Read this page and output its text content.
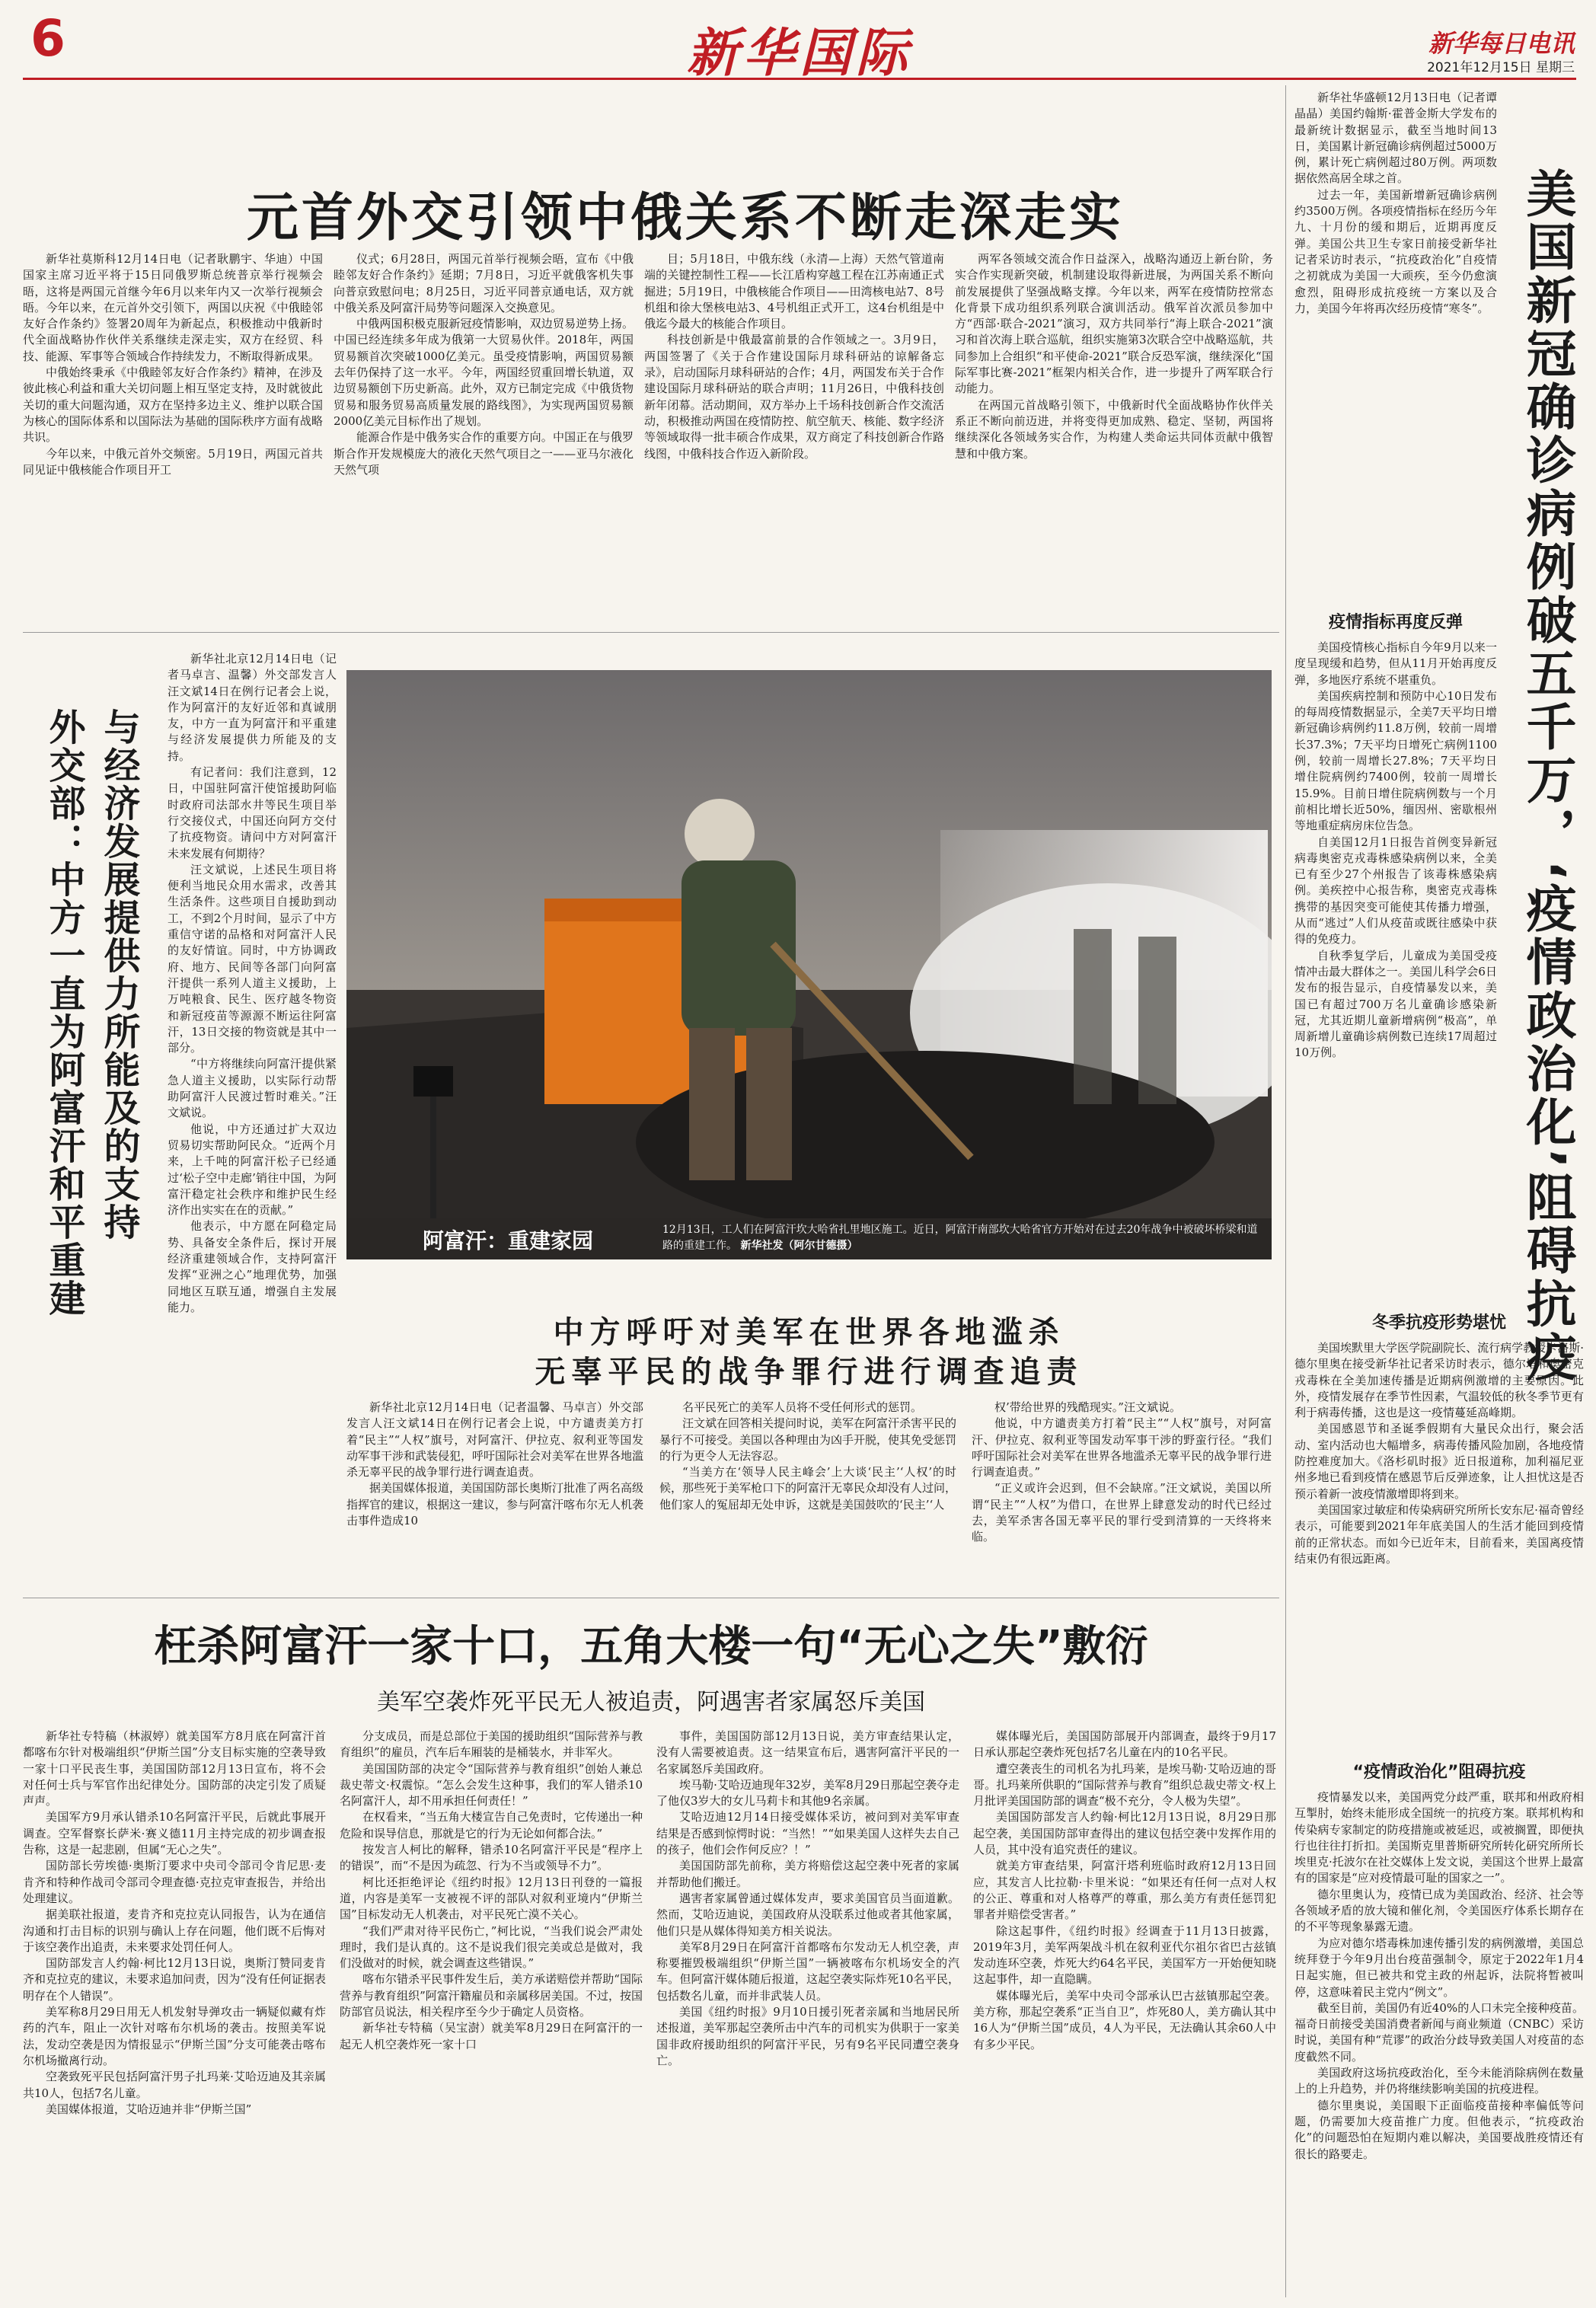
6	新华国际	新华每日电讯
2021年12月15日 星期三
元首外交引领中俄关系不断走深走实

新华社莫斯科12月14日电（记者耿鹏宇、华迪）中国国家主席习近平将于15日同俄罗斯总统普京举行视频会晤，这将是两国元首继今年6月以来年内又一次举行视频会晤。今年以来，在元首外交引领下，两国以庆祝《中俄睦邻友好合作条约》签署20周年为新起点，积极推动中俄新时代全面战略协作伙伴关系继续走深走实，双方在经贸、科技、能源、军事等合领域合作持续发力，不断取得新成果。

中俄始终秉承《中俄睦邻友好合作条约》精神，在涉及彼此核心利益和重大关切问题上相互坚定支持，及时就彼此关切的重大问题沟通，双方在坚持多边主义、维护以联合国为核心的国际体系和以国际法为基础的国际秩序方面有战略共识。

今年以来，中俄元首外交频密。5月19日，两国元首共同见证中俄核能合作项目开工

仪式；6月28日，两国元首举行视频会晤，宣布《中俄睦邻友好合作条约》延期；7月8日，习近平就俄客机失事向普京致慰问电；8月25日，习近平同普京通电话，双方就中俄关系及阿富汗局势等问题深入交换意见。

中俄两国积极克服新冠疫情影响，双边贸易逆势上扬。中国已经连续多年成为俄第一大贸易伙伴。2018年，两国贸易额首次突破1000亿美元。虽受疫情影响，两国贸易额去年仍保持了这一水平。今年，两国经贸重回增长轨道，双边贸易额创下历史新高。此外，双方已制定完成《中俄货物贸易和服务贸易高质量发展的路线图》，为实现两国贸易额2000亿美元目标作出了规划。

能源合作是中俄务实合作的重要方向。中国正在与俄罗斯合作开发规模庞大的液化天然气项目之一——亚马尔液化天然气项

目；5月18日，中俄东线（永清—上海）天然气管道南端的关键控制性工程——长江盾构穿越工程在江苏南通正式掘进；5月19日，中俄核能合作项目——田湾核电站7、8号机组和徐大堡核电站3、4号机组正式开工，这4台机组是中俄迄今最大的核能合作项目。

科技创新是中俄最富前景的合作领域之一。3月9日，两国签署了《关于合作建设国际月球科研站的谅解备忘录》，启动国际月球科研站的合作；4月，两国发布关于合作建设国际月球科研站的联合声明；11月26日，中俄科技创新年闭幕。活动期间，双方举办上千场科技创新合作交流活动，积极推动两国在疫情防控、航空航天、核能、数字经济等领域取得一批丰硕合作成果，双方商定了科技创新合作路线图，中俄科技合作迈入新阶段。

两军各领域交流合作日益深入，战略沟通迈上新台阶，务实合作实现新突破，机制建设取得新进展，为两国关系不断向前发展提供了坚强战略支撑。今年以来，两军在疫情防控常态化背景下成功组织系列联合演训活动。俄军首次派员参加中方“西部·联合-2021”演习，双方共同举行“海上联合-2021”演习和首次海上联合巡航，组织实施第3次联合空中战略巡航，共同参加上合组织“和平使命-2021”联合反恐军演，继续深化“国际军事比赛-2021”框架内相关合作，进一步提升了两军联合行动能力。

在两国元首战略引领下，中俄新时代全面战略协作伙伴关系正不断向前迈进，并将变得更加成熟、稳定、坚韧，两国将继续深化各领域务实合作，为构建人类命运共同体贡献中俄智慧和中俄方案。

外交部：中方一直为阿富汗和平重建 与经济发展提供力所能及的支持

新华社北京12月14日电（记者马卓言、温馨）外交部发言人汪文斌14日在例行记者会上说，作为阿富汗的友好近邻和真诚朋友，中方一直为阿富汗和平重建与经济发展提供力所能及的支持。

有记者问：我们注意到，12日，中国驻阿富汗使馆援助阿临时政府司法部水井等民生项目举行交接仪式，中国还向阿方交付了抗疫物资。请问中方对阿富汗未来发展有何期待？

汪文斌说，上述民生项目将便利当地民众用水需求，改善其生活条件。这些项目自援助到动工，不到2个月时间，显示了中方重信守诺的品格和对阿富汗人民的友好情谊。同时，中方协调政府、地方、民间等各部门向阿富汗提供一系列人道主义援助，上万吨粮食、民生、医疗越冬物资和新冠疫苗等源源不断运往阿富汗，13日交接的物资就是其中一部分。

“中方将继续向阿富汗提供紧急人道主义援助，以实际行动帮助阿富汗人民渡过暂时难关。”汪文斌说。

他说，中方还通过扩大双边贸易切实帮助阿民众。“近两个月来，上千吨的阿富汗松子已经通过‘松子空中走廊’销往中国，为阿富汗稳定社会秩序和维护民生经济作出实实在在的贡献。”

他表示，中方愿在阿稳定局势、具备安全条件后，探讨开展经济重建领域合作，支持阿富汗发挥“亚洲之心”地理优势，加强同地区互联互通，增强自主发展能力。

阿富汗：重建家园	12月13日，工人们在阿富汗坎大哈省扎里地区施工。近日，阿富汗南部坎大哈省官方开始对在过去20年战争中被破坏桥梁和道路的重建工作。 新华社发（阿尔甘德摄）
中方呼吁对美军在世界各地滥杀
无辜平民的战争罪行进行调查追责

新华社北京12月14日电（记者温馨、马卓言）外交部发言人汪文斌14日在例行记者会上说，中方谴责美方打着“民主”“人权”旗号，对阿富汗、伊拉克、叙利亚等国发动军事干涉和武装侵犯，呼吁国际社会对美军在世界各地滥杀无辜平民的战争罪行进行调查追责。

据美国媒体报道，美国国防部长奥斯汀批准了两名高级指挥官的建议，根据这一建议，参与阿富汗喀布尔无人机袭击事件造成10

名平民死亡的美军人员将不受任何形式的惩罚。

汪文斌在回答相关提问时说，美军在阿富汗杀害平民的暴行不可接受。美国以各种理由为凶手开脱，使其免受惩罚的行为更令人无法容忍。

“当美方在‘领导人民主峰会’上大谈‘民主’‘人权’的时候，那些死于美军枪口下的阿富汗无辜民众却没有人过问，他们家人的冤屈却无处申诉，这就是美国鼓吹的‘民主’‘人

权’带给世界的残酷现实。”汪文斌说。

他说，中方谴责美方打着“民主”“人权”旗号，对阿富汗、伊拉克、叙利亚等国发动军事干涉的野蛮行径。“我们呼吁国际社会对美军在世界各地滥杀无辜平民的战争罪行进行调查追责。”

“正义或许会迟到，但不会缺席。”汪文斌说，美国以所谓“民主”“人权”为借口，在世界上肆意发动的时代已经过去，美军杀害各国无辜平民的罪行受到清算的一天终将来临。

枉杀阿富汗一家十口，五角大楼一句“无心之失”敷衍
美军空袭炸死平民无人被追责，阿遇害者家属怒斥美国

新华社专特稿（林淑婷）就美国军方8月底在阿富汗首都喀布尔针对极端组织“伊斯兰国”分支目标实施的空袭导致一家十口平民丧生事，美国国防部12月13日宣布，将不会对任何士兵与军官作出纪律处分。国防部的决定引发了质疑声声。

美国军方9月承认错杀10名阿富汗平民，后就此事展开调查。空军督察长萨米·赛义德11月主持完成的初步调查报告称，这是一起悲剧，但属“无心之失”。

国防部长劳埃德·奥斯汀要求中央司令部司令肯尼思·麦肯齐和特种作战司令部司令理查德·克拉克审查报告，并给出处理建议。

据美联社报道，麦肯齐和克拉克认同报告，认为在通信沟通和打击目标的识别与确认上存在问题，他们既不后悔对于该空袭作出追责，未来要求处罚任何人。

国防部发言人约翰·柯比12月13日说，奥斯汀赞同麦肯齐和克拉克的建议，未要求追加问责，因为“没有任何证据表明存在个人错误”。

美军称8月29日用无人机发射导弹攻击一辆疑似藏有炸药的汽车，阻止一次针对喀布尔机场的袭击。按照美军说法，发动空袭是因为情报显示“伊斯兰国”分支可能袭击喀布尔机场撤离行动。

空袭致死平民包括阿富汗男子扎玛莱·艾哈迈迪及其亲属共10人，包括7名儿童。

美国媒体报道，艾哈迈迪并非“伊斯兰国”

分支成员，而是总部位于美国的援助组织“国际营养与教育组织”的雇员，汽车后车厢装的是桶装水，并非军火。

美国国防部的决定令“国际营养与教育组织”创始人兼总裁史蒂文·权震惊。“怎么会发生这种事，我们的军人错杀10名阿富汗人，却不用承担任何责任！”

在权看来，“当五角大楼宣告自己免责时，它传递出一种危险和误导信息，那就是它的行为无论如何都合法。”

按发言人柯比的解释，错杀10名阿富汗平民是“程序上的错误”，而“不是因为疏忽、行为不当或领导不力”。

柯比还拒绝评论《纽约时报》12月13日刊登的一篇报道，内容是美军一支被视不评的部队对叙利亚境内“伊斯兰国”目标发动无人机袭击，对平民死亡漠不关心。

“我们严肃对待平民伤亡，”柯比说，“当我们说会严肃处理时，我们是认真的。这不是说我们很完美或总是做对，我们没做对的时候，就会调查这些错误。”

喀布尔错杀平民事件发生后，美方承诺赔偿并帮助“国际营养与教育组织”阿富汗籍雇员和亲属移居美国。不过，按国防部官员说法，相关程序至今少于确定人员资格。

新华社专特稿（吴宝澍）就美军8月29日在阿富汗的一起无人机空袭炸死一家十口

事件，美国国防部12月13日说，美方审查结果认定，没有人需要被追责。这一结果宣布后，遇害阿富汗平民的一名家属怒斥美国政府。

埃马勒·艾哈迈迪现年32岁，美军8月29日那起空袭夺走了他仅3岁大的女儿马莉卡和其他9名亲属。

艾哈迈迪12月14日接受媒体采访，被问到对美军审查结果是否感到惊愕时说：“当然！”“如果美国人这样失去自己的孩子，他们会作何反应？！”

美国国防部先前称，美方将赔偿这起空袭中死者的家属并帮助他们搬迁。

遇害者家属曾通过媒体发声，要求美国官员当面道歉。然而，艾哈迈迪说，美国政府从没联系过他或者其他家属，他们只是从媒体得知美方相关说法。

美军8月29日在阿富汗首都喀布尔发动无人机空袭，声称要摧毁极端组织“伊斯兰国”一辆被喀布尔机场安全的汽车。但阿富汗媒体随后报道，这起空袭实际炸死10名平民，包括数名儿童，而并非武装人员。

美国《纽约时报》9月10日援引死者亲属和当地居民所述报道，美军那起空袭所击中汽车的司机实为供职于一家美国非政府援助组织的阿富汗平民，另有9名平民同遭空袭身亡。

媒体曝光后，美国国防部展开内部调查，最终于9月17日承认那起空袭炸死包括7名儿童在内的10名平民。

遭空袭丧生的司机名为扎玛莱，是埃马勒·艾哈迈迪的哥哥。扎玛莱所供职的“国际营养与教育”组织总裁史蒂文·权上月批评美国国防部的调查“极不充分，令人极为失望”。

美国国防部发言人约翰·柯比12月13日说，8月29日那起空袭，美国国防部审查得出的建议包括空袭中发挥作用的人员，其中没有追究责任的建议。

就美方审查结果，阿富汗塔利班临时政府12月13日回应，其发言人比拉勒·卡里米说：“如果还有任何一点对人权的公正、尊重和对人格尊严的尊重，那么美方有责任惩罚犯罪者并赔偿受害者。”

除这起事件，《纽约时报》经调查于11月13日披露，2019年3月，美军两架战斗机在叙利亚代尔祖尔省巴古兹镇发动连环空袭，炸死大约64名平民，美国军方一开始便知晓这起事件，却一直隐瞒。

媒体曝光后，美军中央司令部承认巴古兹镇那起空袭。美方称，那起空袭系“正当自卫”，炸死80人，美方确认其中16人为“伊斯兰国”成员，4人为平民，无法确认其余60人中有多少平民。

美国新冠确诊病例破五千万，‘疫情政治化’阻碍抗疫

新华社华盛顿12月13日电（记者谭晶晶）美国约翰斯·霍普金斯大学发布的最新统计数据显示，截至当地时间13日，美国累计新冠确诊病例超过5000万例，累计死亡病例超过80万例。两项数据依然高居全球之首。

过去一年，美国新增新冠确诊病例约3500万例。各项疫情指标在经历今年九、十月份的缓和期后，近期再度反弹。美国公共卫生专家日前接受新华社记者采访时表示，“抗疫政治化”自疫情之初就成为美国一大顽疾，至今仍愈演愈烈，阻碍形成抗疫统一方案以及合力，美国今年将再次经历疫情“寒冬”。

疫情指标再度反弹

美国疫情核心指标自今年9月以来一度呈现缓和趋势，但从11月开始再度反弹，多地医疗系统不堪重负。

美国疾病控制和预防中心10日发布的每周疫情数据显示，全美7天平均日增新冠确诊病例约11.8万例，较前一周增长37.3%；7天平均日增死亡病例1100例，较前一周增长27.8%；7天平均日增住院病例约7400例，较前一周增长15.9%。目前日增住院病例数与一个月前相比增长近50%，缅因州、密歇根州等地重症病房床位告急。

自美国12月1日报告首例变异新冠病毒奥密克戎毒株感染病例以来，全美已有至少27个州报告了该毒株感染病例。美疾控中心报告称，奥密克戎毒株携带的基因突变可能使其传播力增强，从而“逃过”人们从疫苗或既往感染中获得的免疫力。

自秋季复学后，儿童成为美国受疫情冲击最大群体之一。美国儿科学会6日发布的报告显示，自疫情暴发以来，美国已有超过700万名儿童确诊感染新冠，尤其近期儿童新增病例“极高”，单周新增儿童确诊病例数已连续17周超过10万例。

冬季抗疫形势堪忧

美国埃默里大学医学院副院长、流行病学教授卡洛斯·德尔里奥在接受新华社记者采访时表示，德尔塔和奥密克戎毒株在全美加速传播是近期病例激增的主要原因。此外，疫情发展存在季节性因素，气温较低的秋冬季节更有利于病毒传播，这也是这一疫情蔓延高峰期。

美国感恩节和圣诞季假期有大量民众出行，聚会活动、室内活动也大幅增多，病毒传播风险加剧，各地疫情防控难度加大。《洛杉矶时报》近日报道称，加利福尼亚州多地已看到疫情在感恩节后反弹迹象，让人担忧这是否预示着新一波疫情激增即将到来。

美国国家过敏症和传染病研究所所长安东尼·福奇曾经表示，可能要到2021年年底美国人的生活才能回到疫情前的正常状态。而如今已近年末，目前看来，美国离疫情结束仍有很远距离。

“疫情政治化”阻碍抗疫

疫情暴发以来，美国两党分歧严重，联邦和州政府相互掣肘，始终未能形成全国统一的抗疫方案。联邦机构和传染病专家制定的防疫措施或被延迟，或被搁置，即便执行也往往打折扣。美国斯克里普斯研究所转化研究所所长埃里克·托波尔在社交媒体上发文说，美国这个世界上最富有的国家是“应对疫情最可耻的国家之一”。

德尔里奥认为，疫情已成为美国政治、经济、社会等各领域矛盾的放大镜和催化剂，令美国医疗体系长期存在的不平等现象暴露无遗。

为应对德尔塔毒株加速传播引发的病例激增，美国总统拜登于今年9月出台疫苗强制令，原定于2022年1月4日起实施，但已被共和党主政的州起诉，法院将暂被叫停，这意味着民主党内“例文”。

截至目前，美国仍有近40%的人口未完全接种疫苗。福奇日前接受美国消费者新闻与商业频道（CNBC）采访时说，美国有种“荒谬”的政治分歧导致美国人对疫苗的态度截然不同。

美国政府这场抗疫政治化，至今未能消除病例在数量上的上升趋势，并仍将继续影响美国的抗疫进程。

德尔里奥说，美国眼下正面临疫苗接种率偏低等问题，仍需要加大疫苗推广力度。但他表示，“抗疫政治化”的问题恐怕在短期内难以解决，美国要战胜疫情还有很长的路要走。
